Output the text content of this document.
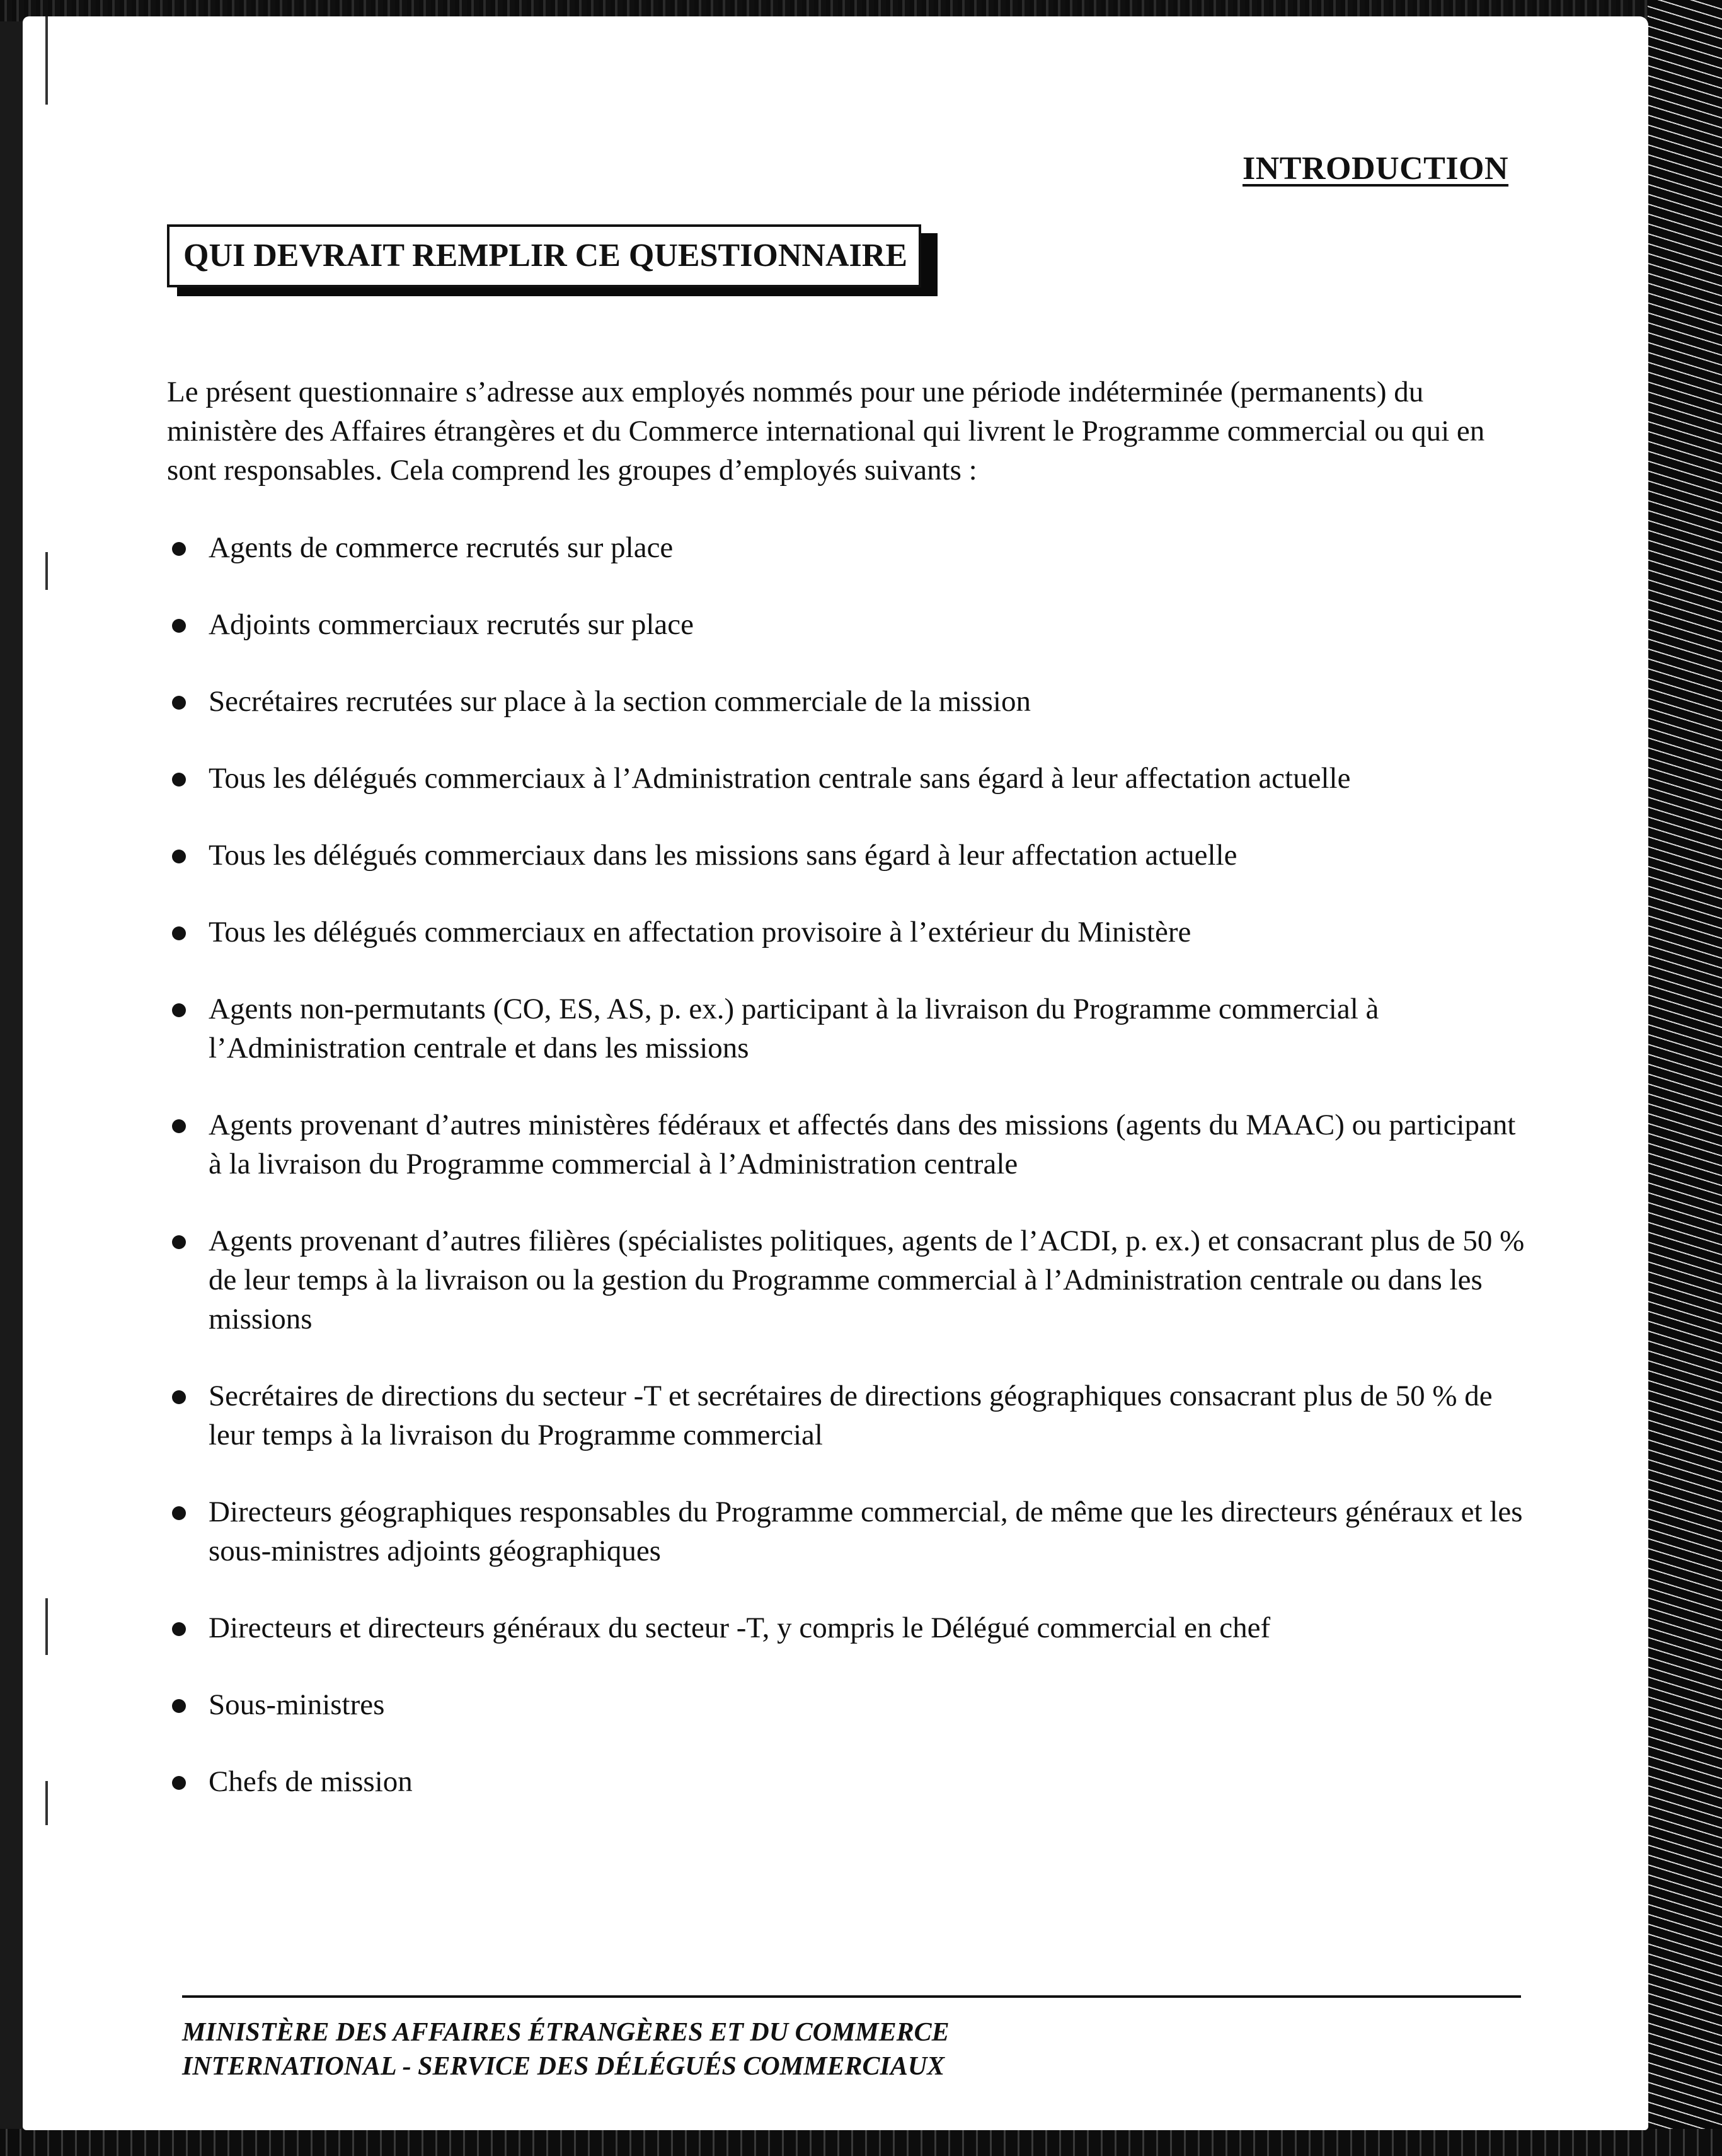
INTRODUCTION
QUI DEVRAIT REMPLIR CE QUESTIONNAIRE

Le présent questionnaire s’adresse aux employés nommés pour une période indéterminée (permanents) du ministère des Affaires étrangères et du Commerce international qui livrent le Programme commercial ou qui en sont responsables. Cela comprend les groupes d’employés suivants :

Agents de commerce recrutés sur place
Adjoints commerciaux recrutés sur place
Secrétaires recrutées sur place à la section commerciale de la mission
Tous les délégués commerciaux à l’Administration centrale sans égard à leur affectation actuelle
Tous les délégués commerciaux dans les missions sans égard à leur affectation actuelle
Tous les délégués commerciaux en affectation provisoire à l’extérieur du Ministère
Agents non-permutants (CO, ES, AS, p. ex.) participant à la livraison du Programme commercial à l’Administration centrale et dans les missions
Agents provenant d’autres ministères fédéraux et affectés dans des missions (agents du MAAC) ou participant à la livraison du Programme commercial à l’Administration centrale
Agents provenant d’autres filières (spécialistes politiques, agents de l’ACDI, p. ex.) et consacrant plus de 50 % de leur temps à la livraison ou la gestion du Programme commercial à l’Administration centrale ou dans les missions
Secrétaires de directions du secteur -T et secrétaires de directions géographiques consacrant plus de 50 % de leur temps à la livraison du Programme commercial
Directeurs géographiques responsables du Programme commercial, de même que les directeurs généraux et les sous-ministres adjoints géographiques
Directeurs et directeurs généraux du secteur -T, y compris le Délégué commercial en chef
Sous-ministres
Chefs de mission
MINISTÈRE DES AFFAIRES ÉTRANGÈRES ET DU COMMERCE
INTERNATIONAL - SERVICE DES DÉLÉGUÉS COMMERCIAUX
